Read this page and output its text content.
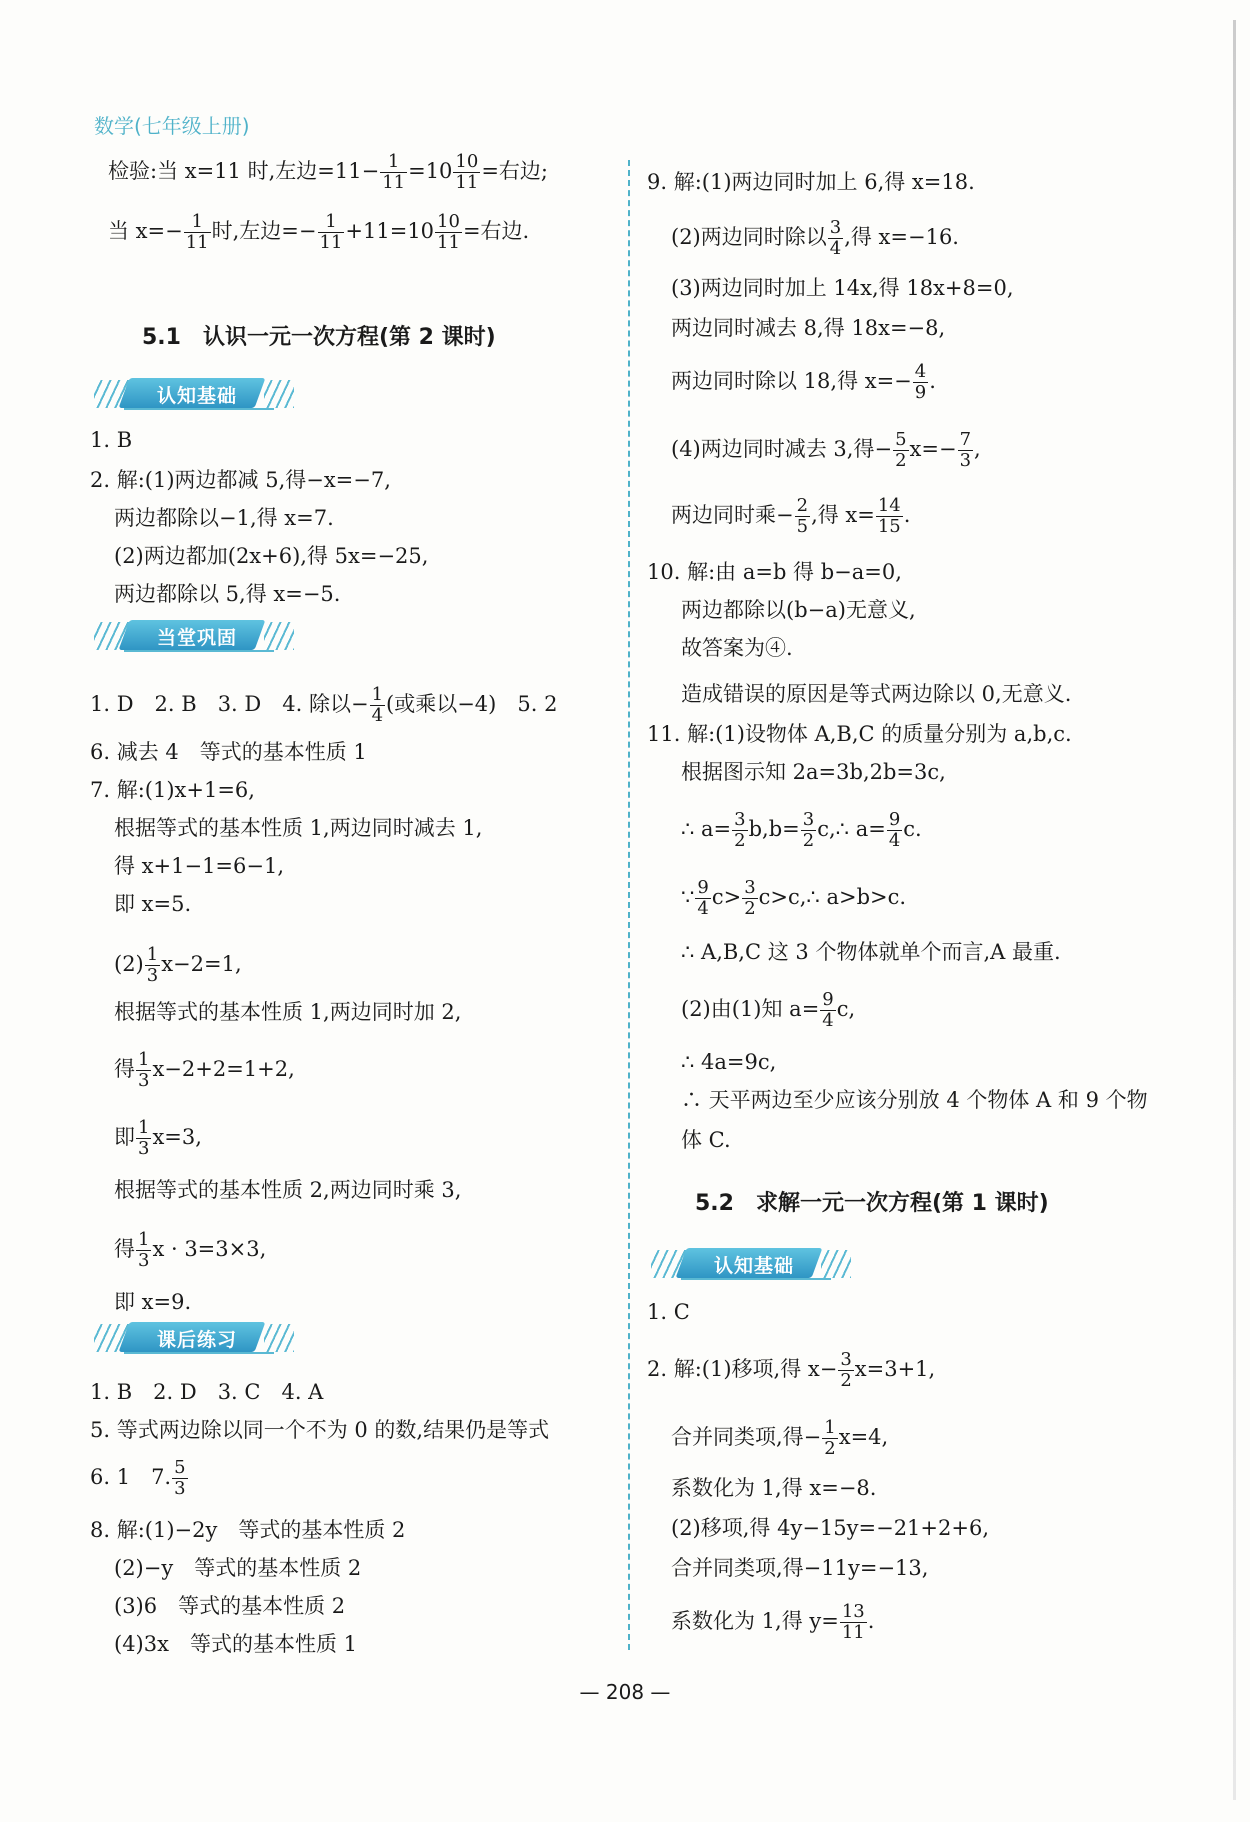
数学(七年级上册)
检验:当 x=11 时,左边$=11- \frac{1}{11} =10 \frac{10}{11}$ =右边;
当 $x=- \frac{1}{11}$ 时,左边=− $\frac{1}{11} +11=10 \frac{10}{11}$ =右边.
5.1　认识一元一次方程(第 2 课时)
认知基础
1. B
2. 解:(1)两边都减 5,得−x=−7,
两边都除以−1,得 x=7.
(2)两边都加(2x+6),得 5x=−25,
两边都除以 5,得 x=−5.
当堂巩固
1. D　2. B　3. D　4. 除以− $\frac{1}{4}$ (或乘以−4)　5. 2
6. 减去 4　等式的基本性质 1
7. 解:(1)x+1=6,
根据等式的基本性质 1,两边同时减去 1,
得 x+1−1=6−1,
即 x=5.
$(2) \frac{1}{3} x-2=1$,
根据等式的基本性质 1,两边同时加 2,
得 $\frac{1}{3} x-2+2=1+2$,
即 $\frac{1}{3} x=3$,
根据等式的基本性质 2,两边同时乘 3,
得 $\frac{1}{3}$ x · 3=3×3,
即 x=9.
课后练习
1. B　2. D　3. C　4. A
5. 等式两边除以同一个不为 0 的数,结果仍是等式
6. 1　7. $\frac{5}{3}$
8. 解:(1)−2y　等式的基本性质 2
(2)−y　等式的基本性质 2
(3)6　等式的基本性质 2
(4)3x　等式的基本性质 1
9. 解:(1)两边同时加上 6,得 x=18.
(2)两边同时除以 $\frac{3}{4}$ ,得 x=−16.
(3)两边同时加上 14x,得 18x+8=0,
两边同时减去 8,得 18x=−8,
两边同时除以 18,得 $x=- \frac{4}{9}$ .
(4)两边同时减去 3,得− $\frac{5}{2} x=- \frac{7}{3}$ ,
两边同时乘− $\frac{2}{5}$ ,得 $x= \frac{14}{15}$ .
10. 解:由 a=b 得 b−a=0,
两边都除以(b−a)无意义,
故答案为④.
造成错误的原因是等式两边除以 0,无意义.
11. 解:(1)设物体 A,B,C 的质量分别为 a,b,c.
根据图示知 2a=3b,2b=3c,
∴ $a= \frac{3}{2} b,b= \frac{3}{2}$ c,∴ $a= \frac{9}{4} c$.
∵ $\frac{9}{4} c> \frac{3}{2}$ c>c,∴ a>b>c.
∴ A,B,C 这 3 个物体就单个而言,A 最重.
(2)由(1)知 $a= \frac{9}{4} c$,
∴ 4a=9c,
∴ 天平两边至少应该分别放 4 个物体 A 和 9 个物
体 C.
5.2　求解一元一次方程(第 1 课时)
认知基础
1. C
2. 解:(1)移项,得 $x- \frac{3}{2} x=3+1$,
合并同类项,得− $\frac{1}{2} x=4$,
系数化为 1,得 x=−8.
(2)移项,得 4y−15y=−21+2+6,
合并同类项,得−11y=−13,
系数化为 1,得 $y= \frac{13}{11}$ .
— 208 —
